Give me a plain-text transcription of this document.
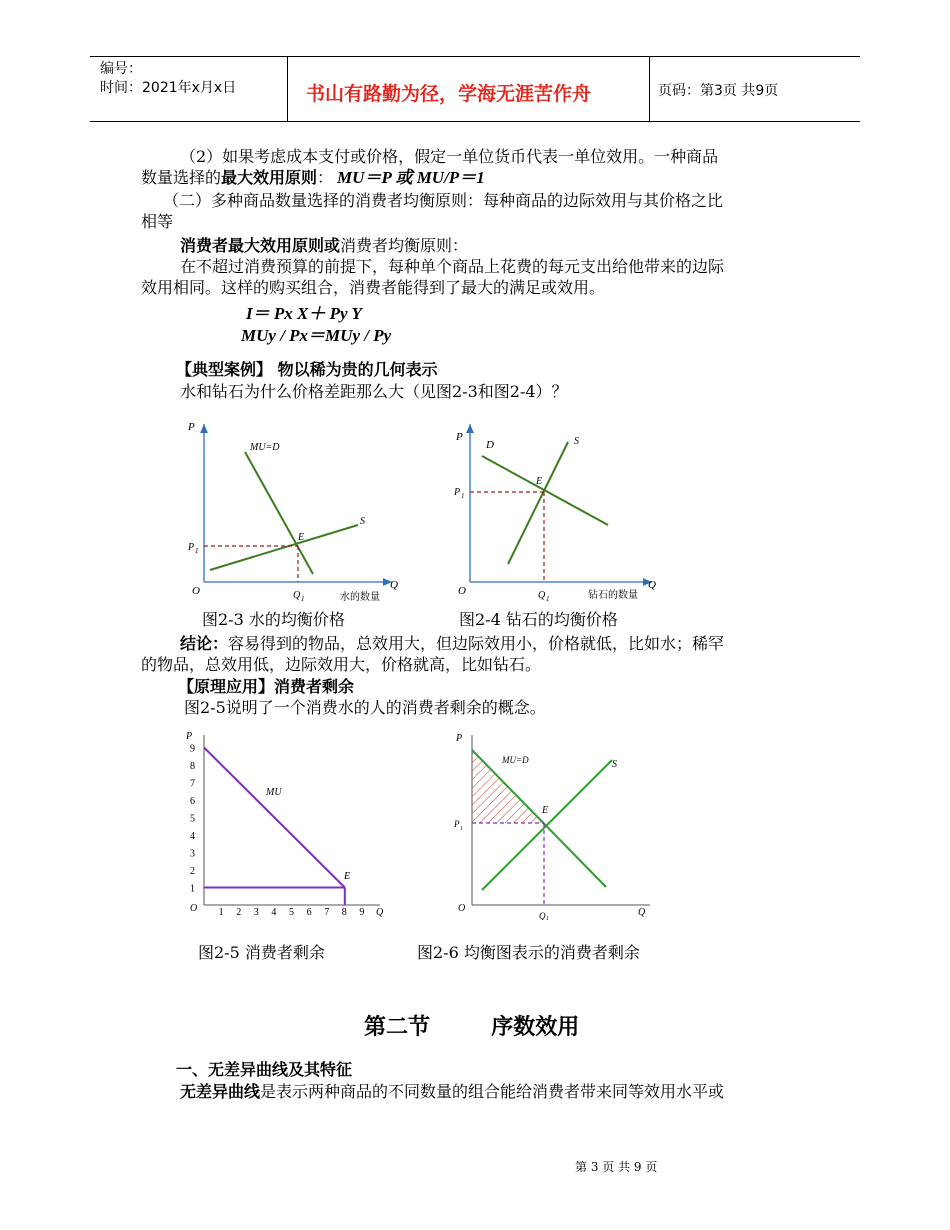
编号：
时间：2021年x月x日	书山有路勤为径，学海无涯苦作舟	页码：第3页 共9页
（2）如果考虑成本支付或价格，假定一单位货币代表一单位效用。一种商品
数量选择的最大效用原则： MU＝P 或 MU/P＝1
（二）多种商品数量选择的消费者均衡原则：每种商品的边际效用与其价格之比
相等
消费者最大效用原则或消费者均衡原则：
在不超过消费预算的前提下，每种单个商品上花费的每元支出给他带来的边际
效用相同。这样的购买组合，消费者能得到了最大的满足或效用。
I＝ Px X＋ Py Y
MUy / Px＝MUy / Py
【典型案例】 物以稀为贵的几何表示
水和钻石为什么价格差距那么大（见图2-3和图2-4）？
P
O	Q
MU=D
E
S
P 1
Q 1	水的数量
P
O	Q
D
E
S
P 1
Q 1	钻石的数量
图2-3 水的均衡价格	图2-4 钻石的均衡价格
结论：容易得到的物品，总效用大，但边际效用小，价格就低，比如水；稀罕
的物品，总效用低，边际效用大，价格就高，比如钻石。
【原理应用】消费者剩余
图2-5说明了一个消费水的人的消费者剩余的概念。
1
2
3
4
5
6
7
8
9
1 2 3 4 5 6 7 8 9
P
O	Q
MU
E
P
O	Q
MU=D
E
S
P 1
Q 1
图2-5 消费者剩余	图2-6 均衡图表示的消费者剩余
第二节        序数效用
一、无差异曲线及其特征
无差异曲线是表示两种商品的不同数量的组合能给消费者带来同等效用水平或
第 3 页 共 9 页
